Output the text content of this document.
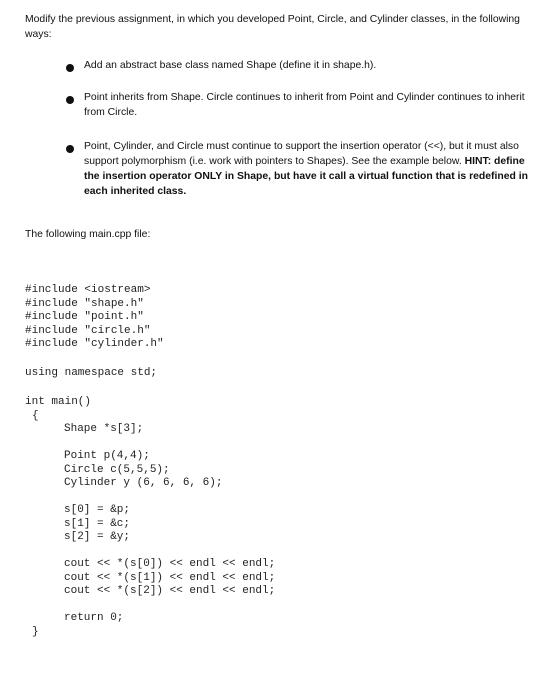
Modify the previous assignment, in which you developed Point, Circle, and Cylinder classes, in the following ways:
Add an abstract base class named Shape (define it in shape.h).
Point inherits from Shape. Circle continues to inherit from Point and Cylinder continues to inherit from Circle.
Point, Cylinder, and Circle must continue to support the insertion operator (<<), but it must also support polymorphism (i.e. work with pointers to Shapes). See the example below. HINT: define the insertion operator ONLY in Shape, but have it call a virtual function that is redefined in each inherited class.
The following main.cpp file:
#include <iostream>
#include "shape.h"
#include "point.h"
#include "circle.h"
#include "cylinder.h"
using namespace std;
int main()
{
Shape *s[3];
Point p(4,4);
Circle c(5,5,5);
Cylinder y (6, 6, 6, 6);
s[0] = &p;
s[1] = &c;
s[2] = &y;
cout << *(s[0]) << endl << endl;
cout << *(s[1]) << endl << endl;
cout << *(s[2]) << endl << endl;
return 0;
}
